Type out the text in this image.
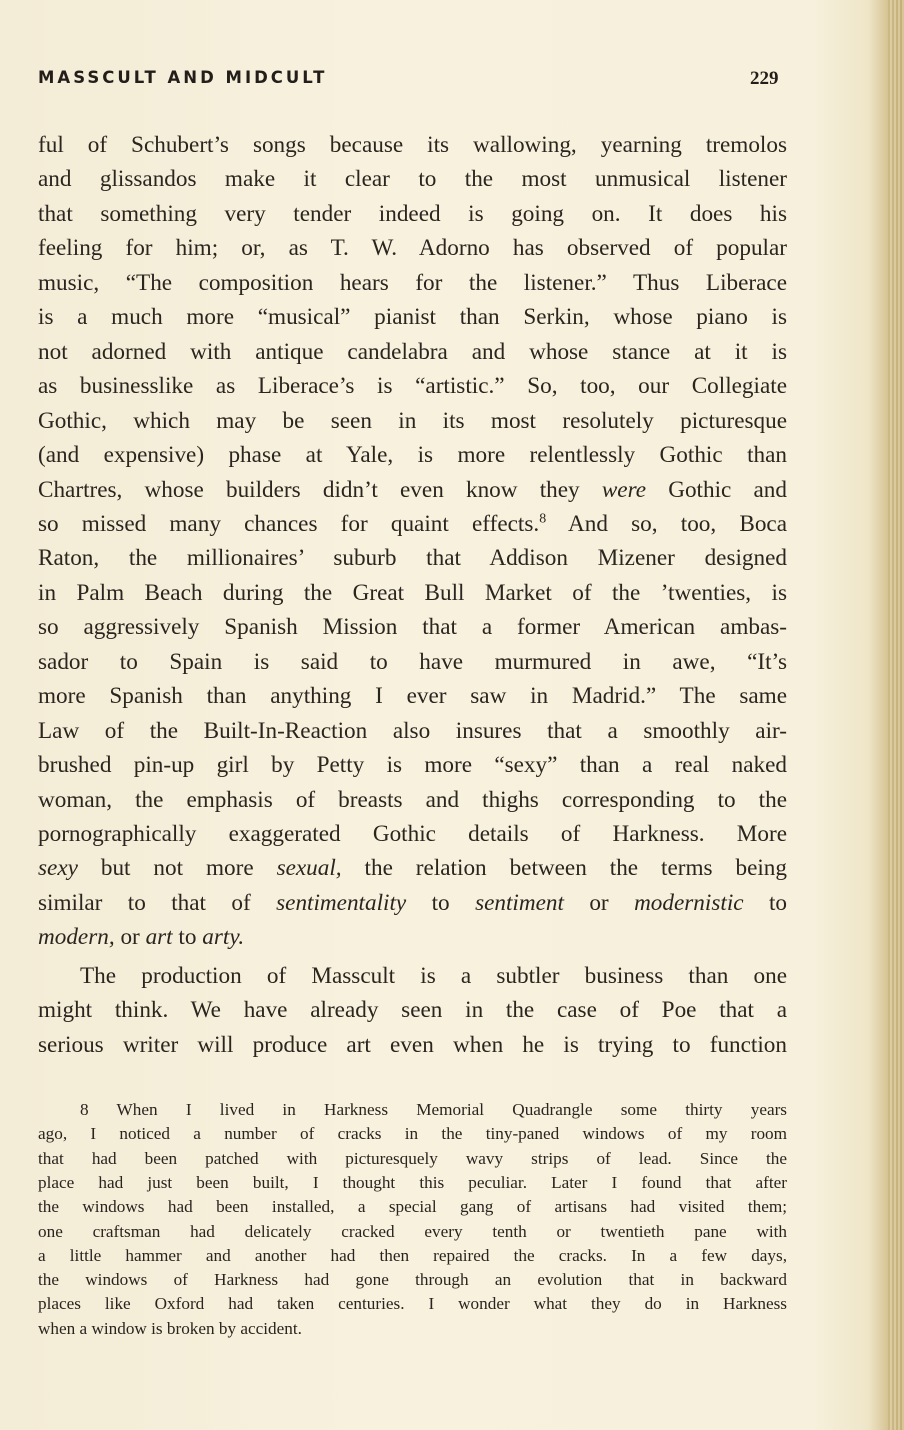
MASSCULT AND MIDCULT	229
ful of Schubert’s songs because its wallowing, yearning tremolos
and glissandos make it clear to the most unmusical listener
that something very tender indeed is going on. It does his
feeling for him; or, as T. W. Adorno has observed of popular
music, “The composition hears for the listener.” Thus Liberace
is a much more “musical” pianist than Serkin, whose piano is
not adorned with antique candelabra and whose stance at it is
as businesslike as Liberace’s is “artistic.” So, too, our Collegiate
Gothic, which may be seen in its most resolutely picturesque
(and expensive) phase at Yale, is more relentlessly Gothic than
Chartres, whose builders didn’t even know they were Gothic and
so missed many chances for quaint effects.$^8$ And so, too, Boca
Raton, the millionaires’ suburb that Addison Mizener designed
in Palm Beach during the Great Bull Market of the ’twenties, is
so aggressively Spanish Mission that a former American ambas-
sador to Spain is said to have murmured in awe, “It’s
more Spanish than anything I ever saw in Madrid.” The same
Law of the Built-In-Reaction also insures that a smoothly air-
brushed pin-up girl by Petty is more “sexy” than a real naked
woman, the emphasis of breasts and thighs corresponding to the
pornographically exaggerated Gothic details of Harkness. More
sexy but not more sexual, the relation between the terms being
similar to that of sentimentality to sentiment or modernistic to
modern, or art to arty.
The production of Masscult is a subtler business than one
might think. We have already seen in the case of Poe that a
serious writer will produce art even when he is trying to function
8 When I lived in Harkness Memorial Quadrangle some thirty years
ago, I noticed a number of cracks in the tiny-paned windows of my room
that had been patched with picturesquely wavy strips of lead. Since the
place had just been built, I thought this peculiar. Later I found that after
the windows had been installed, a special gang of artisans had visited them;
one craftsman had delicately cracked every tenth or twentieth pane with
a little hammer and another had then repaired the cracks. In a few days,
the windows of Harkness had gone through an evolution that in backward
places like Oxford had taken centuries. I wonder what they do in Harkness
when a window is broken by accident.
